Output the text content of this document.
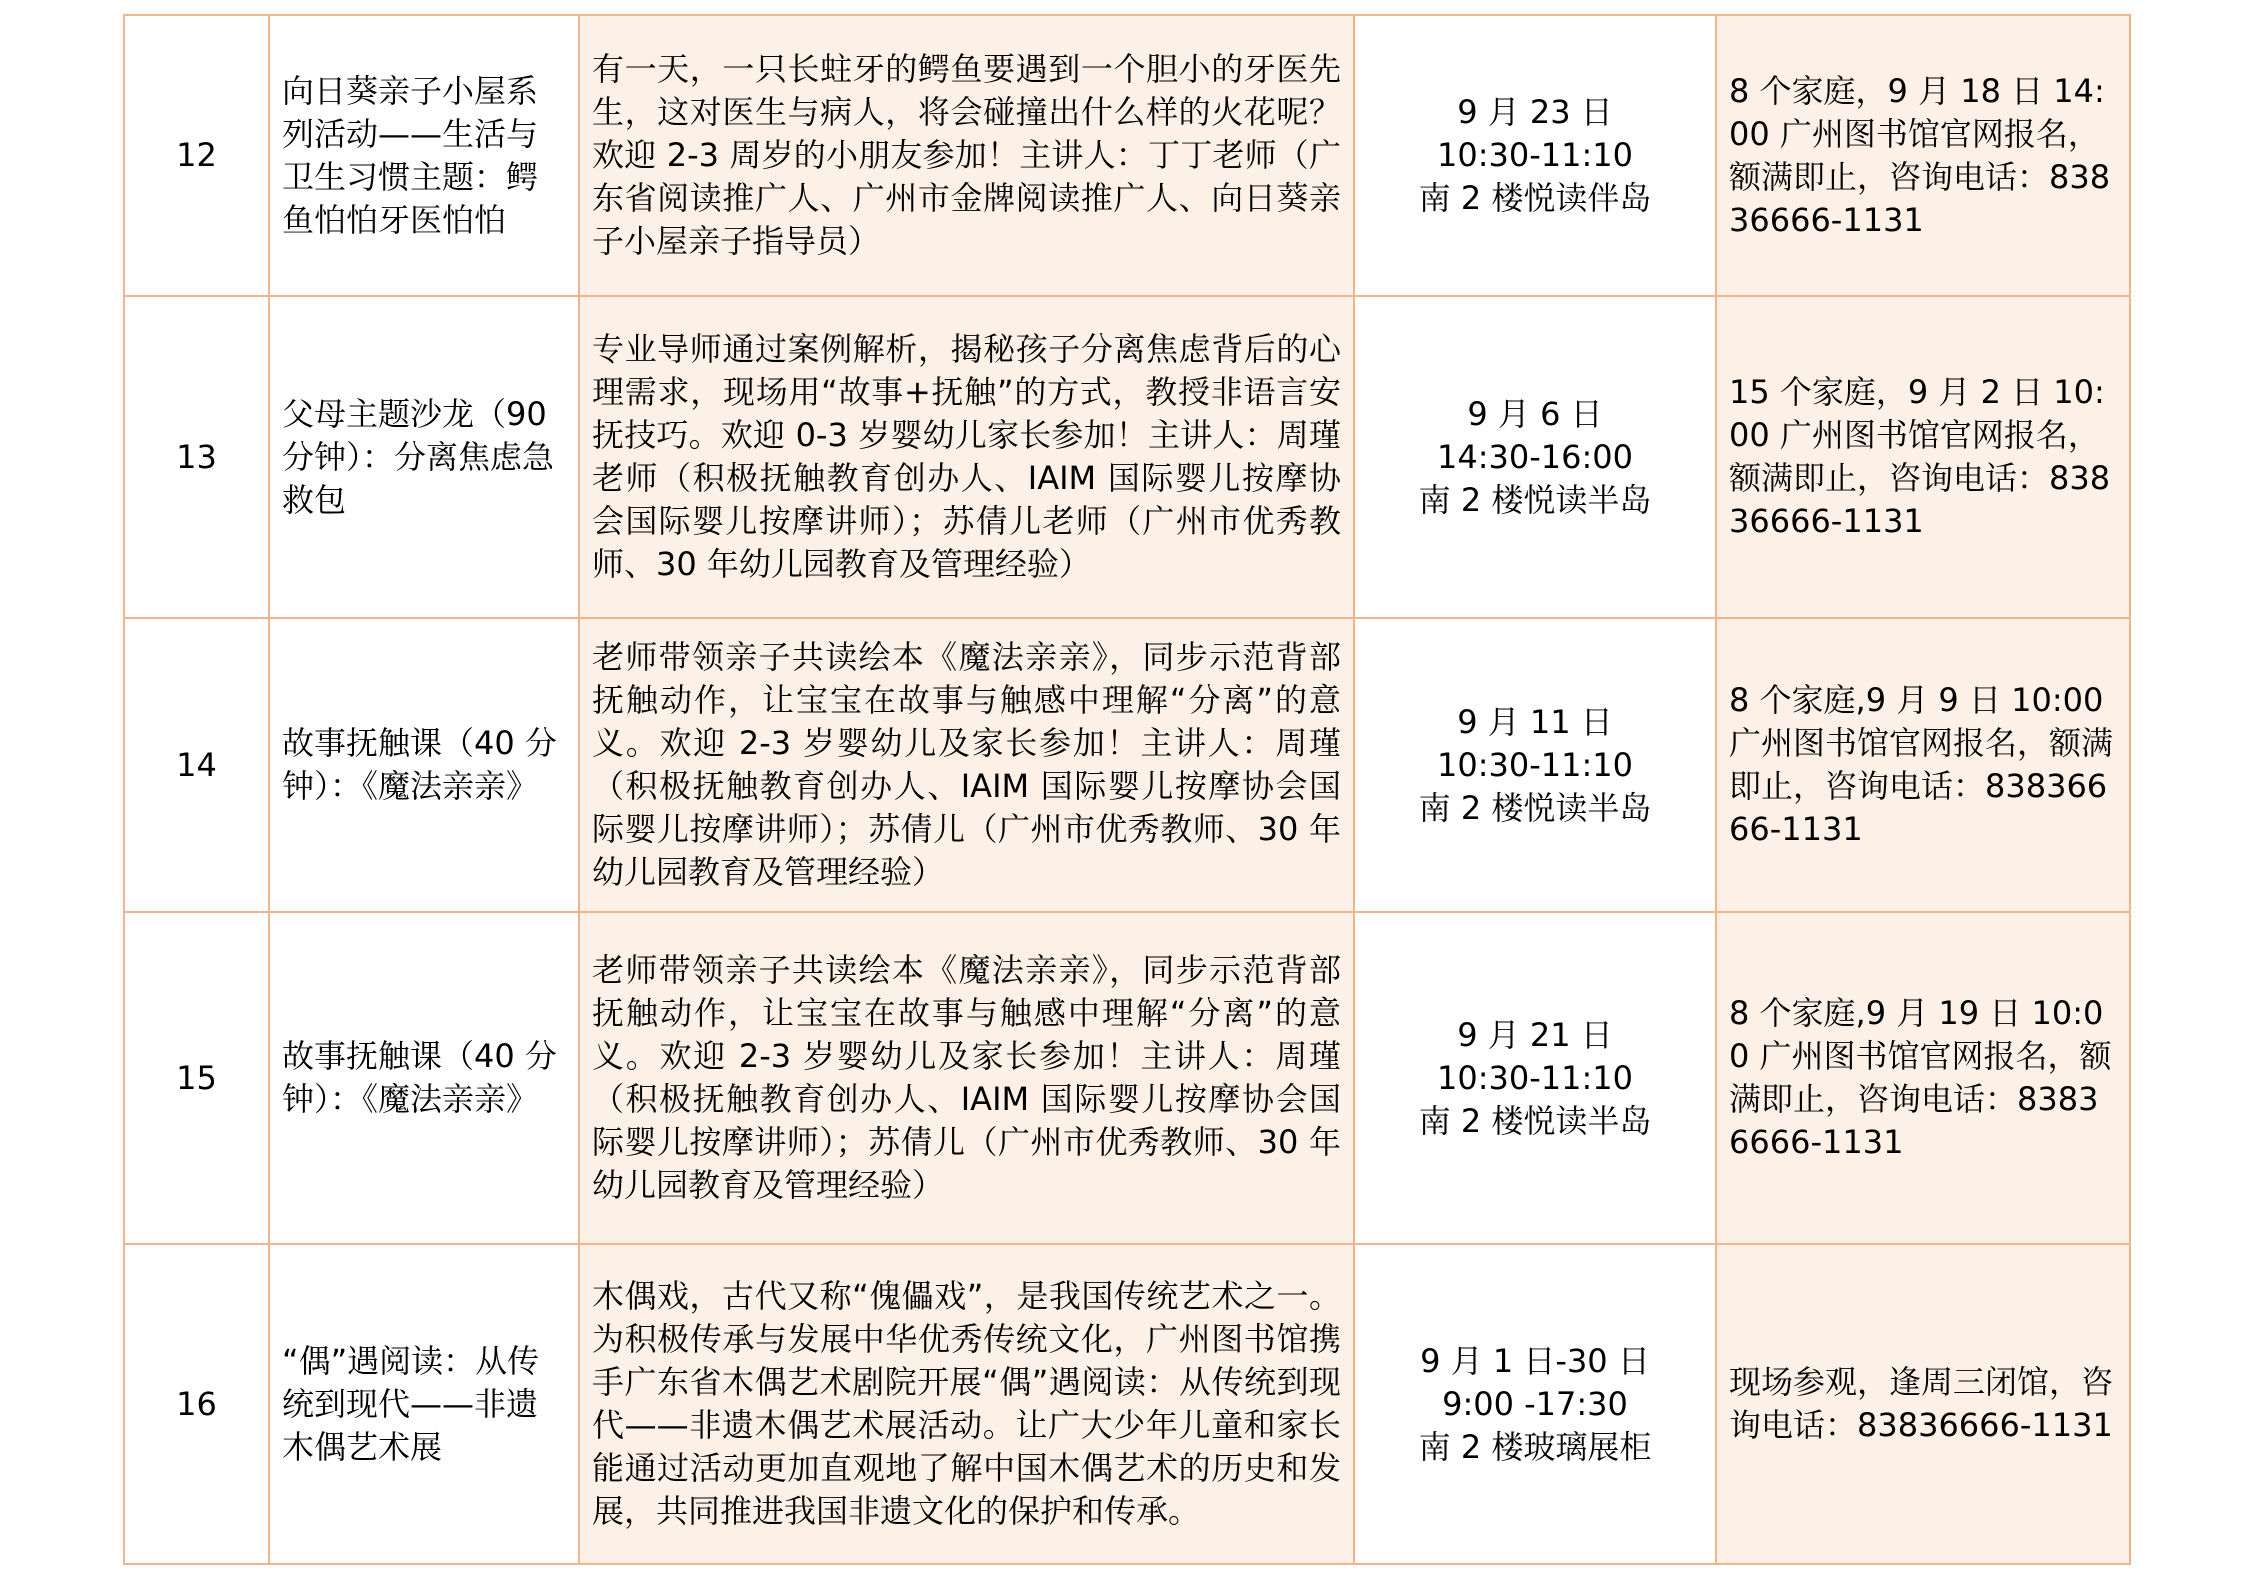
12	向日葵亲子小屋系列活动——生活与卫生习惯主题：鳄鱼怕怕牙医怕怕	有一天，一只长蛀牙的鳄鱼要遇到一个胆小的牙医先生，这对医生与病人，将会碰撞出什么样的火花呢？欢迎 2-3 周岁的小朋友参加！主讲人：丁丁老师（广东省阅读推广人、广州市金牌阅读推广人、向日葵亲子小屋亲子指导员）	9 月 23 日
10:30-11:10
南 2 楼悦读伴岛	8 个家庭，9 月 18 日 14:00 广州图书馆官网报名，额满即止，咨询电话：83836666-1131
13	父母主题沙龙（90 分钟）：分离焦虑急救包	专业导师通过案例解析，揭秘孩子分离焦虑背后的心理需求，现场用“故事+抚触”的方式，教授非语言安抚技巧。欢迎 0-3 岁婴幼儿家长参加！主讲人：周瑾老师（积极抚触教育创办人、IAIM 国际婴儿按摩协会国际婴儿按摩讲师）；苏倩儿老师（广州市优秀教师、30 年幼儿园教育及管理经验）	9 月 6 日
14:30-16:00
南 2 楼悦读半岛	15 个家庭，9 月 2 日 10:00 广州图书馆官网报名，额满即止，咨询电话：83836666-1131
14	故事抚触课（40 分钟）：《魔法亲亲》	老师带领亲子共读绘本《魔法亲亲》，同步示范背部抚触动作，让宝宝在故事与触感中理解“分离”的意义。欢迎 2-3 岁婴幼儿及家长参加！主讲人：周瑾（积极抚触教育创办人、IAIM 国际婴儿按摩协会国际婴儿按摩讲师）；苏倩儿（广州市优秀教师、30 年幼儿园教育及管理经验）	9 月 11 日
10:30-11:10
南 2 楼悦读半岛	8 个家庭,9 月 9 日 10:00 广州图书馆官网报名，额满即止，咨询电话：83836666-1131
15	故事抚触课（40 分钟）：《魔法亲亲》	老师带领亲子共读绘本《魔法亲亲》，同步示范背部抚触动作，让宝宝在故事与触感中理解“分离”的意义。欢迎 2-3 岁婴幼儿及家长参加！主讲人：周瑾（积极抚触教育创办人、IAIM 国际婴儿按摩协会国际婴儿按摩讲师）；苏倩儿（广州市优秀教师、30 年幼儿园教育及管理经验）	9 月 21 日
10:30-11:10
南 2 楼悦读半岛	8 个家庭,9 月 19 日 10:00 广州图书馆官网报名，额满即止，咨询电话：83836666-1131
16	“偶”遇阅读：从传统到现代——非遗木偶艺术展	木偶戏，古代又称“傀儡戏”，是我国传统艺术之一。为积极传承与发展中华优秀传统文化，广州图书馆携手广东省木偶艺术剧院开展“偶”遇阅读：从传统到现代——非遗木偶艺术展活动。让广大少年儿童和家长能通过活动更加直观地了解中国木偶艺术的历史和发展，共同推进我国非遗文化的保护和传承。	9 月 1 日-30 日
9:00 -17:30
南 2 楼玻璃展柜	现场参观，逢周三闭馆，咨询电话：83836666-1131
